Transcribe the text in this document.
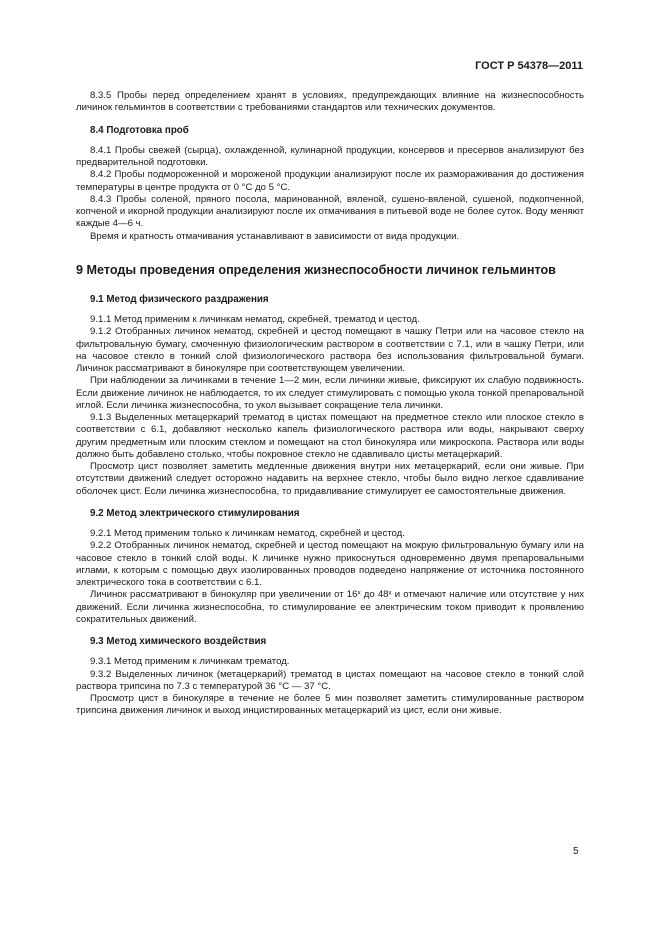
ГОСТ Р 54378—2011

8.3.5 Пробы перед определением хранят в условиях, предупреждающих влияние на жизнеспособность личинок гельминтов в соответствии с требованиями стандартов или технических документов.

8.4 Подготовка проб

8.4.1 Пробы свежей (сырца), охлажденной, кулинарной продукции, консервов и пресервов анализируют без предварительной подготовки.

8.4.2 Пробы подмороженной и мороженой продукции анализируют после их размораживания до достижения температуры в центре продукта от 0 °С до 5 °С.

8.4.3 Пробы соленой, пряного посола, маринованной, вяленой, сушено-вяленой, сушеной, подкопченной, копченой и икорной продукции анализируют после их отмачивания в питьевой воде не более суток. Воду меняют каждые 4—6 ч.

Время и кратность отмачивания устанавливают в зависимости от вида продукции.

9 Методы проведения определения жизнеспособности личинок гельминтов

9.1 Метод физического раздражения

9.1.1 Метод применим к личинкам нематод, скребней, трематод и цестод.

9.1.2 Отобранных личинок нематод, скребней и цестод помещают в чашку Петри или на часовое стекло на фильтровальную бумагу, смоченную физиологическим раствором в соответствии с 7.1, или в чашку Петри, или на часовое стекло в тонкий слой физиологического раствора без использования фильтровальной бумаги. Личинок рассматривают в бинокуляре при соответствующем увеличении.

При наблюдении за личинками в течение 1—2 мин, если личинки живые, фиксируют их слабую подвижность. Если движение личинок не наблюдается, то их следует стимулировать с помощью укола тонкой препаровальной иглой. Если личинка жизнеспособна, то укол вызывает сокращение тела личинки.

9.1.3 Выделенных метацеркарий трематод в цистах помещают на предметное стекло или плоское стекло в соответствии с 6.1, добавляют несколько капель физиологического раствора или воды, накрывают сверху другим предметным или плоским стеклом и помещают на стол бинокуляра или микроскопа. Раствора или воды должно быть добавлено столько, чтобы покровное стекло не сдавливало цисты метацеркарий.

Просмотр цист позволяет заметить медленные движения внутри них метацеркарий, если они живые. При отсутствии движений следует осторожно надавить на верхнее стекло, чтобы было видно легкое сдавливание оболочек цист. Если личинка жизнеспособна, то придавливание стимулирует ее самостоятельные движения.

9.2 Метод электрического стимулирования

9.2.1 Метод применим только к личинкам нематод, скребней и цестод.

9.2.2 Отобранных личинок нематод, скребней и цестод помещают на мокрую фильтровальную бумагу или на часовое стекло в тонкий слой воды. К личинке нужно прикоснуться одновременно двумя препаровальными иглами, к которым с помощью двух изолированных проводов подведено напряжение от источника постоянного электрического тока в соответствии с 6.1.

Личинок рассматривают в бинокуляр при увеличении от 16ˣ до 48ˣ и отмечают наличие или отсутствие у них движений. Если личинка жизнеспособна, то стимулирование ее электрическим током приводит к проявлению сократительных движений.

9.3 Метод химического воздействия

9.3.1 Метод применим к личинкам трематод.

9.3.2 Выделенных личинок (метацеркарий) трематод в цистах помещают на часовое стекло в тонкий слой раствора трипсина по 7.3 с температурой 36 °С — 37 °С.

Просмотр цист в бинокуляре в течение не более 5 мин позволяет заметить стимулированные раствором трипсина движения личинок и выход инцистированных метацеркарий из цист, если они живые.

5
